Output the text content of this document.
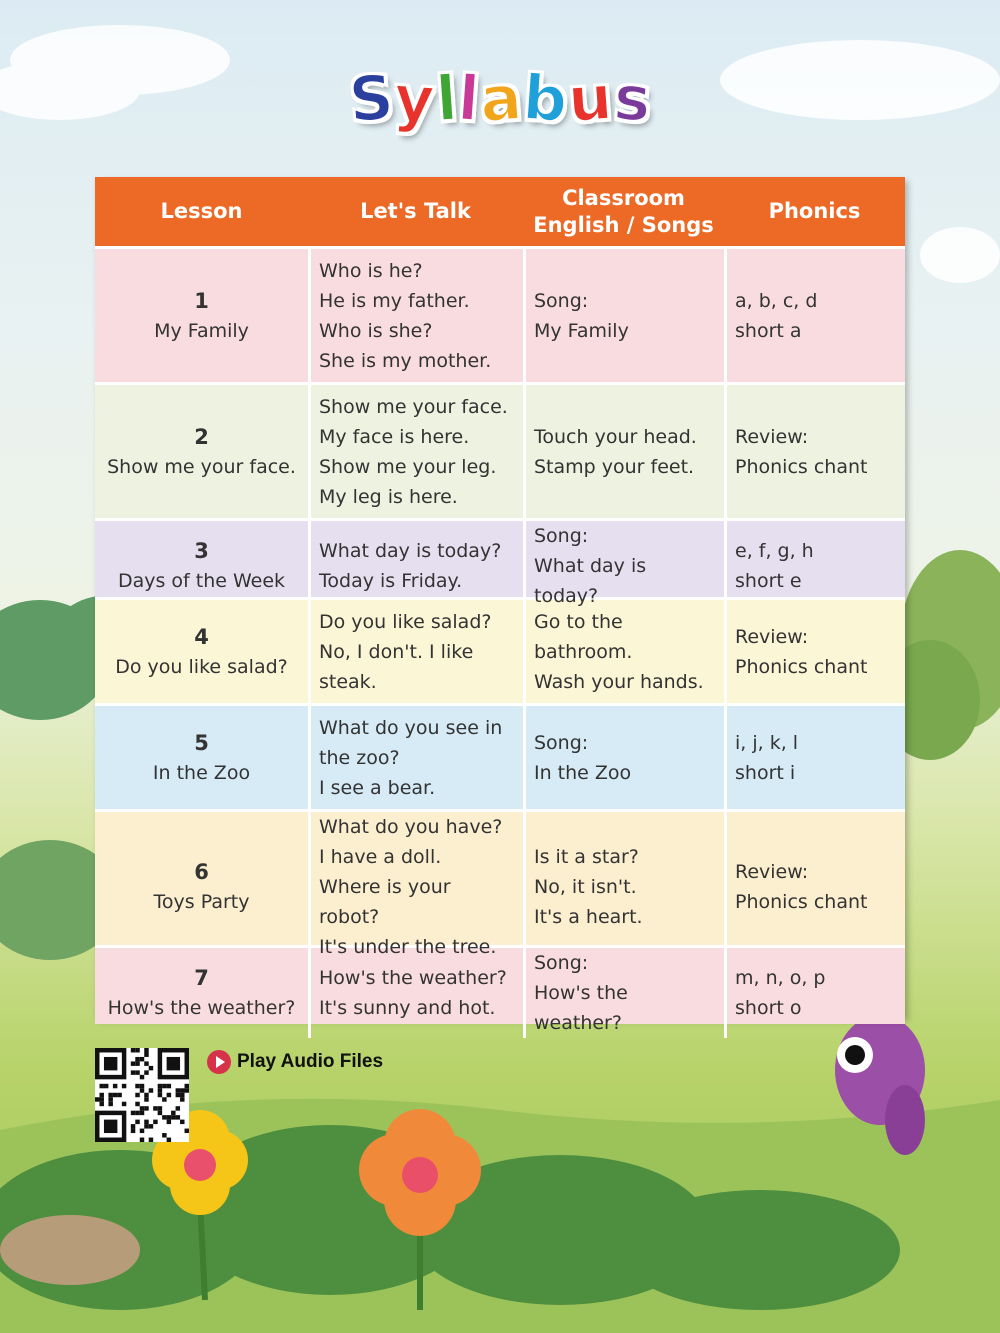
Syllabus
Lesson	Let's Talk
Classroom
English / Songs
Phonics
1
My Family
Who is he?
He is my father.
Who is she?
She is my mother.
Song:
My Family
a, b, c, d
short a
2
Show me your face.
Show me your face.
My face is here.
Show me your leg.
My leg is here.
Touch your head.
Stamp your feet.
Review:
Phonics chant
3
Days of the Week
What day is today?
Today is Friday.
Song:
What day is today?
e, f, g, h
short e
4
Do you like salad?
Do you like salad?
No, I don't. I like
steak.
Go to the
bathroom.
Wash your hands.
Review:
Phonics chant
5
In the Zoo
What do you see in
the zoo?
I see a bear.
Song:
In the Zoo
i, j, k, l
short i
6
Toys Party
What do you have?
I have a doll.
Where is your robot?
It's under the tree.
Is it a star?
No, it isn't.
It's a heart.
Review:
Phonics chant
7
How's the weather?
How's the weather?
It's sunny and hot.
Song:
How's the weather?
m, n, o, p
short o
Play Audio Files
